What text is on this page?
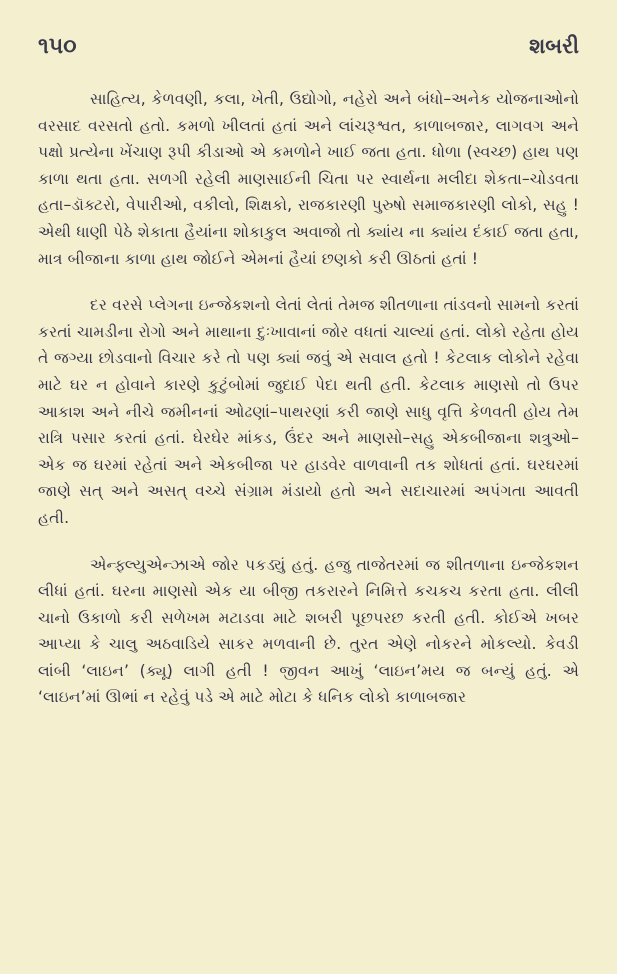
૧૫૦	શબરી

સાહિત્ય, કેળવણી, કલા, ખેતી, ઉદ્યોગો, નહેરો અને બંધો–અનેક યોજનાઓનો વરસાદ વરસતો હતો. કમળો ખીલતાં હતાં અને લાંચરૂશ્વત, કાળાબજાર, લાગવગ અને પક્ષો પ્રત્યેના ખેંચાણ રૂપી કીડાઓ એ કમળોને ખાઈ જતા હતા. ધોળા (સ્વચ્છ) હાથ પણ કાળા થતા હતા. સળગી રહેલી માણસાઈની ચિતા પર સ્વાર્થના મલીદા શેકતા–ચોડવતા હતા–ડૉક્ટરો, વેપારીઓ, વકીલો, શિક્ષકો, રાજકારણી પુરુષો સમાજકારણી લોકો, સહુ ! એથી ધાણી પેઠે શેકાતા હૈયાંના શોકાકુલ અવાજો તો ક્યાંય ના ક્યાંય દંકાઈ જતા હતા, માત્ર બીજાના કાળા હાથ જોઈને એમનાં હૈયાં છણકો કરી ઊઠતાં હતાં !

દર વરસે પ્લેગના ઇન્જેકશનો લેતાં લેતાં તેમજ શીતળાના તાંડવનો સામનો કરતાં કરતાં ચામડીના રોગો અને માથાના દુઃખાવાનાં જોર વધતાં ચાલ્યાં હતાં. લોકો રહેતા હોય તે જગ્યા છોડવાનો વિચાર કરે તો પણ ક્યાં જવું એ સવાલ હતો ! કેટલાક લોકોને રહેવા માટે ઘર ન હોવાને કારણે કુટુંબોમાં જુદાઈ પેદા થતી હતી. કેટલાક માણસો તો ઉપર આકાશ અને નીચે જમીનનાં ઓઢણાં–પાથરણાં કરી જાણે સાધુ વૃત્તિ કેળવતી હોય તેમ રાત્રિ પસાર કરતાં હતાં. ઘેરઘેર માંકડ, ઉંદર અને માણસો–સહુ એકબીજાના શત્રુઓ–એક જ ઘરમાં રહેતાં અને એકબીજા પર હાડવેર વાળવાની તક શોધતાં હતાં. ઘરઘરમાં જાણે સત્ અને અસત્ વચ્ચે સંગ્રામ મંડાયો હતો અને સદાચારમાં અપંગતા આવતી હતી.

એન્ફ્લ્યુએન્ઝાએ જોર પકડ્યું હતું. હજુ તાજેતરમાં જ શીતળાના ઇન્જેકશન લીધાં હતાં. ઘરના માણસો એક યા બીજી તકરારને નિમિત્તે કચકચ કરતા હતા. લીલી ચાનો ઉકાળો કરી સળેખમ મટાડવા માટે શબરી પૂછપરછ કરતી હતી. કોઈએ ખબર આપ્યા કે ચાલુ અઠવાડિયે સાકર મળવાની છે. તુરત એણે નોકરને મોકલ્યો. કેવડી લાંબી ‘લાઇન’ (ક્યૂ) લાગી હતી ! જીવન આખું ‘લાઇન’મય જ બન્યું હતું. એ ‘લાઇન’માં ઊભાં ન રહેવું પડે એ માટે મોટા કે ધનિક લોકો કાળાબજાર
